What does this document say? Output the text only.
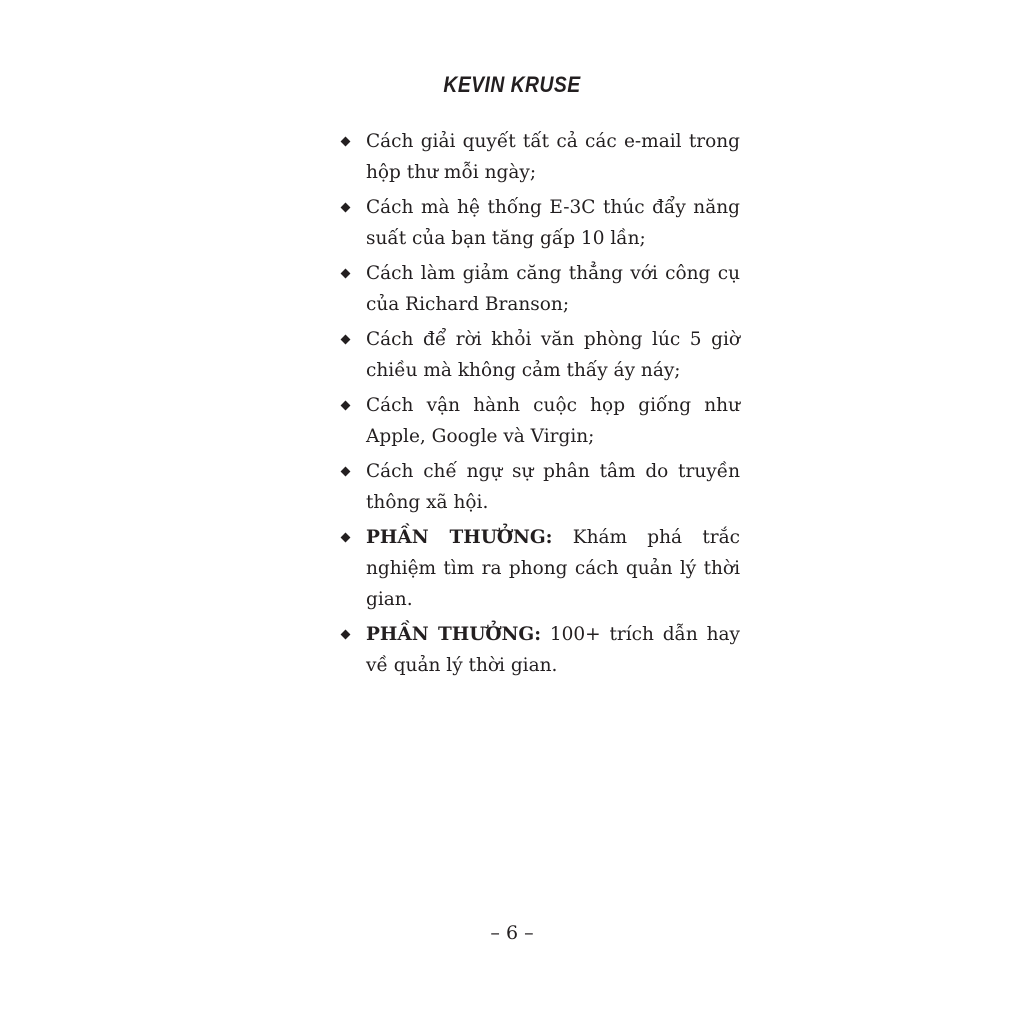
KEVIN KRUSE
Cách giải quyết tất cả các e-mail trong hộp thư mỗi ngày;
Cách mà hệ thống E-3C thúc đẩy năng suất của bạn tăng gấp 10 lần;
Cách làm giảm căng thẳng với công cụ của Richard Branson;
Cách để rời khỏi văn phòng lúc 5 giờ chiều mà không cảm thấy áy náy;
Cách vận hành cuộc họp giống như Apple, Google và Virgin;
Cách chế ngự sự phân tâm do truyền thông xã hội.
PHẦN THƯỞNG: Khám phá trắc nghiệm tìm ra phong cách quản lý thời gian.
PHẦN THƯỞNG: 100+ trích dẫn hay về quản lý thời gian.
– 6 –
